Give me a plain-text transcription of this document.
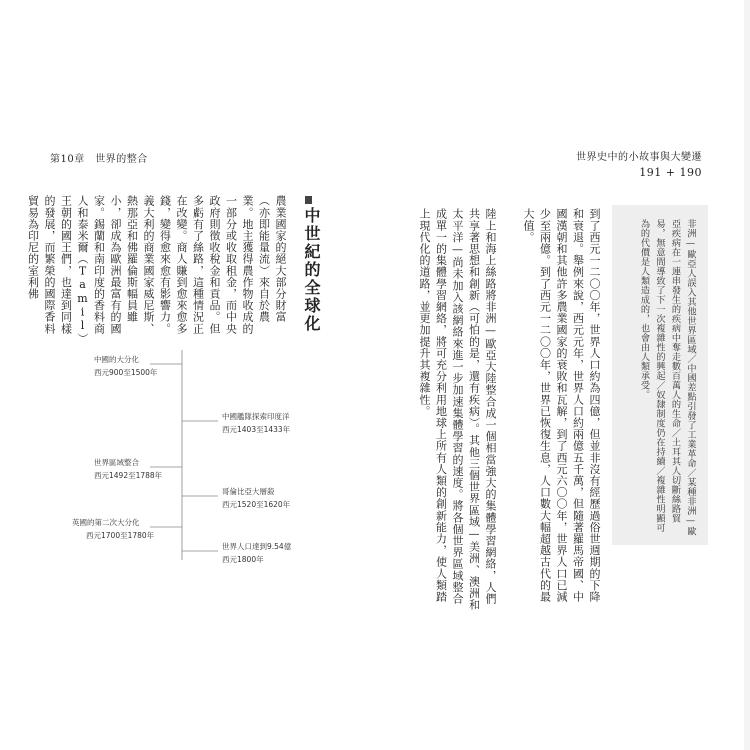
第10章　世界的整合	世界史中的小故事與大變遷
191 + 190
非洲—歐亞人誤入其他世界區域／中國差點引發了工業革命／某種非洲—歐亞疾病在一連串發生的疾病中奪走數百萬人的生命／土耳其人切斷絲路貿易，無意間導致了下一次複雜性的興起／奴隸制度仍在持續／複雜性明顯可為的代價是人類造成的，也會由人類承受。
到了西元一二〇〇年，世界人口約為四億，但並非沒有經歷過俗世週期的下降和衰退。舉例來說，西元元年，世界人口約兩億五千萬，但隨著羅馬帝國、中國漢朝和其他許多農業國家的衰敗和瓦解，到了西元六〇〇年，世界人口已減少至兩億。到了西元一二〇〇年，世界已恢復生息，人口數大幅超越古代的最大值。
陸上和海上絲路將非洲—歐亞大陸整合成一個相當強大的集體學習網絡，人們共享著思想和創新（可怕的是，還有疾病）。其他三個世界區域—美洲、澳洲和太平洋—尚未加入該網絡來進一步加速集體學習的速度。將各個世界區域整合成單一的集體學習網絡，將可充分利用地球上所有人類的創新能力，使人類踏上現代化的道路，並更加提升其複雜性。
中世紀的全球化
農業國家的絕大部分財富（亦即能量流）來自於農業。地主獲得農作物收成的一部分或收取租金，而中央政府則徵收稅金和貢品。但多虧有了絲路，這種情況正在改變。商人賺到愈來愈多錢，變得愈來愈有影響力。義大利的商業國家威尼斯、熱那亞和佛羅倫斯幅員雖小，卻成為歐洲最富有的國家。錫蘭和南印度的香料商人和泰米爾（Tamil）王朝的國王們，也達到同樣的發展，而繁榮的國際香料貿易為印尼的室利佛
中國的大分化
西元900至1500年
中國艦隊探索印度洋
西元1403至1433年
世界區域整合
西元1492至1788年
哥倫比亞大層殺
西元1520至1620年
英國的第二次大分化
西元1700至1780年
世界人口達到9.54億
西元1800年
